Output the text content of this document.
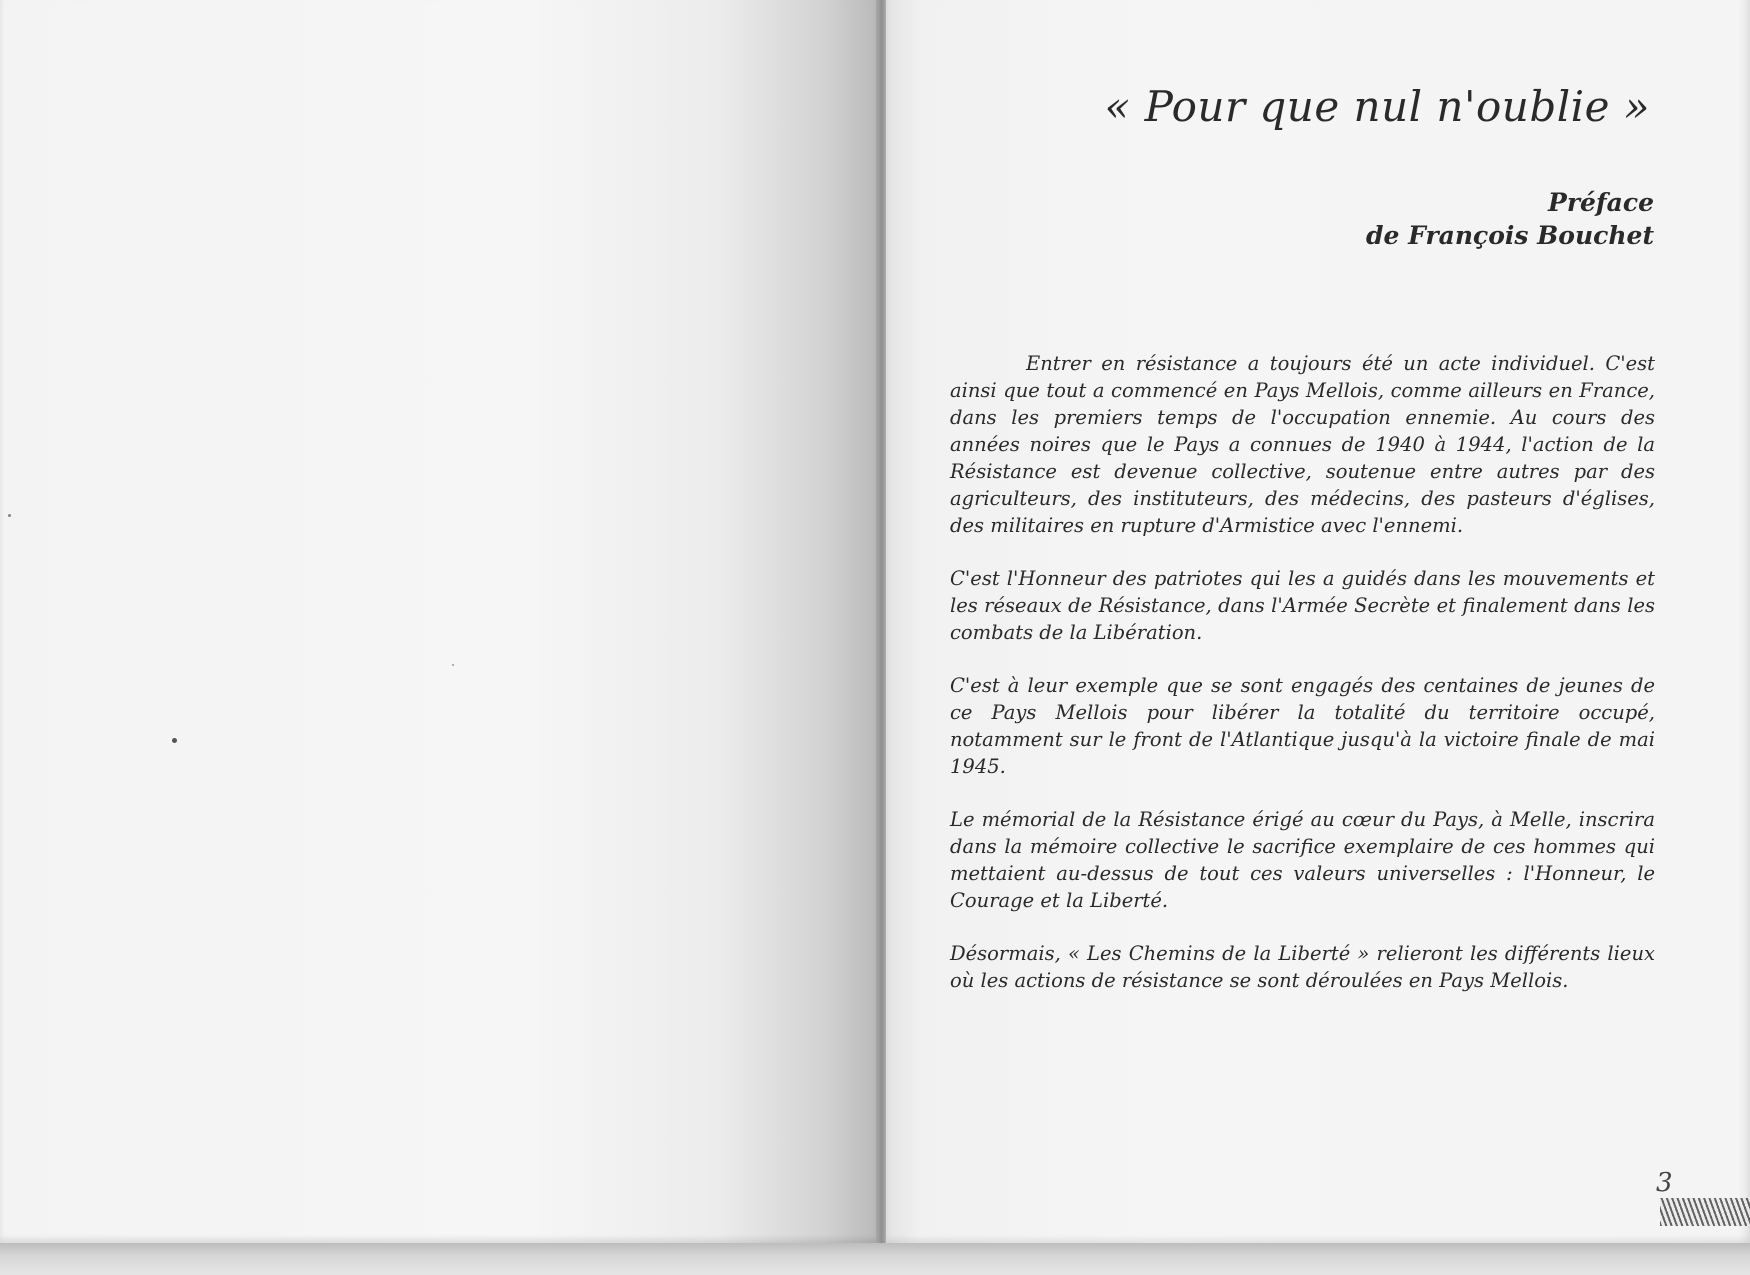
« Pour que nul n'oublie »
Préface
de François Bouchet

Entrer en résistance a toujours été un acte individuel. C'est ainsi que tout a commencé en Pays Mellois, comme ailleurs en France, dans les premiers temps de l'occupation ennemie. Au cours des années noires que le Pays a connues de 1940 à 1944, l'action de la Résistance est devenue collective, soutenue entre autres par des agriculteurs, des instituteurs, des médecins, des pasteurs d'églises, des militaires en rupture d'Armistice avec l'ennemi.

C'est l'Honneur des patriotes qui les a guidés dans les mouvements et les réseaux de Résistance, dans l'Armée Secrète et finalement dans les combats de la Libération.

C'est à leur exemple que se sont engagés des centaines de jeunes de ce Pays Mellois pour libérer la totalité du territoire occupé, notamment sur le front de l'Atlantique jusqu'à la victoire finale de mai 1945.

Le mémorial de la Résistance érigé au cœur du Pays, à Melle, inscrira dans la mémoire collective le sacrifice exemplaire de ces hommes qui mettaient au-dessus de tout ces valeurs universelles : l'Honneur, le Courage et la Liberté.

Désormais, « Les Chemins de la Liberté » relieront les différents lieux où les actions de résistance se sont déroulées en Pays Mellois.

3
